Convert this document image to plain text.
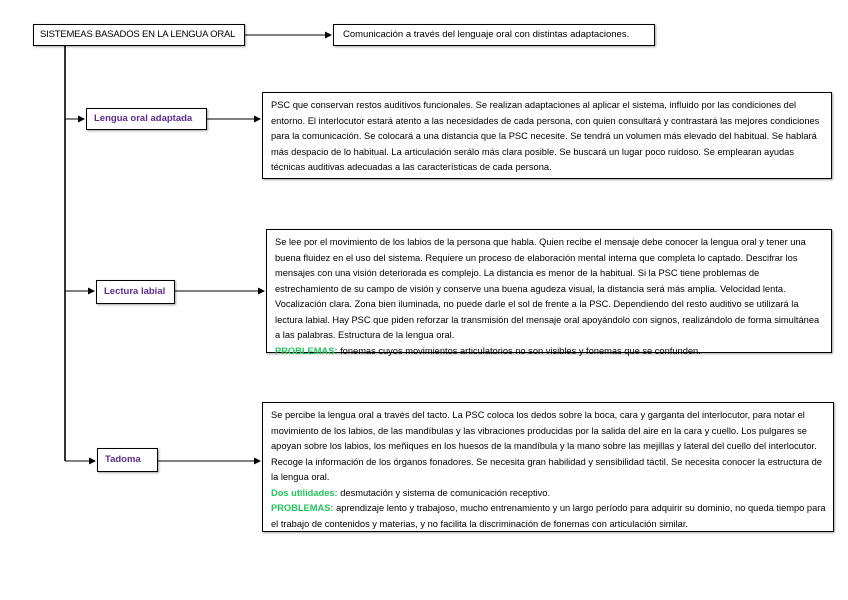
SISTEMEAS BASADOS EN LA LENGUA ORAL	Comunicación a través del lenguaje oral con distintas adaptaciones.
Lengua oral adaptada
Lectura labial
Tadoma
PSC que conservan restos auditivos funcionales. Se realizan adaptaciones al aplicar el sistema, influido por las condiciones del entorno. El interlocutor estará atento a las necesidades de cada persona, con quien consultará y contrastará las mejores condiciones para la comunicación. Se colocará a una distancia que la PSC necesite. Se tendrá un volumen más elevado del habitual. Se hablará más despacio de lo habitual. La articulación serálo más clara posible. Se buscará un lugar poco ruidoso. Se emplearan ayudas técnicas auditivas adecuadas a las características de cada persona.
Se lee por el movimiento de los labios de la persona que habla. Quien recibe el mensaje debe conocer la lengua oral y tener una buena fluidez en el uso del sistema. Requiere un proceso de elaboración mental interna que completa lo captado. Descifrar los mensajes con una visión deteriorada es complejo. La distancia es menor de la habitual. Si la PSC tiene problemas de estrechamiento de su campo de visión y conserve una buena agudeza visual, la distancia será más amplia. Velocidad lenta. Vocalización clara. Zona bien iluminada, no puede darle el sol de frente a la PSC. Dependiendo del resto auditivo se utilizará la lectura labial. Hay PSC que piden reforzar la transmisión del mensaje oral apoyándolo con signos, realizándolo de forma simultánea a las palabras. Estructura de la lengua oral.
PROBLEMAS: fonemas cuyos movimientos articulatorios no son visibles y fonemas que se confunden.
Se percibe la lengua oral a través del tacto. La PSC coloca los dedos sobre la boca, cara y garganta del interlocutor, para notar el movimiento de los labios, de las mandíbulas y las vibraciones producidas por la salida del aire en la cara y cuello. Los pulgares se apoyan sobre los labios, los meñiques en los huesos de la mandíbula y la mano sobre las mejillas y lateral del cuello del interlocutor. Recoge la información de los órganos fonadores. Se necesita gran habilidad y sensibilidad táctil. Se necesita conocer la estructura de la lengua oral.
Dos utilidades: desmutación y sistema de comunicación receptivo.
PROBLEMAS: aprendizaje lento y trabajoso, mucho entrenamiento y un largo período para adquirir su dominio, no queda tiempo para el trabajo de contenidos y materias, y no facilita la discriminación de fonemas con articulación similar.
